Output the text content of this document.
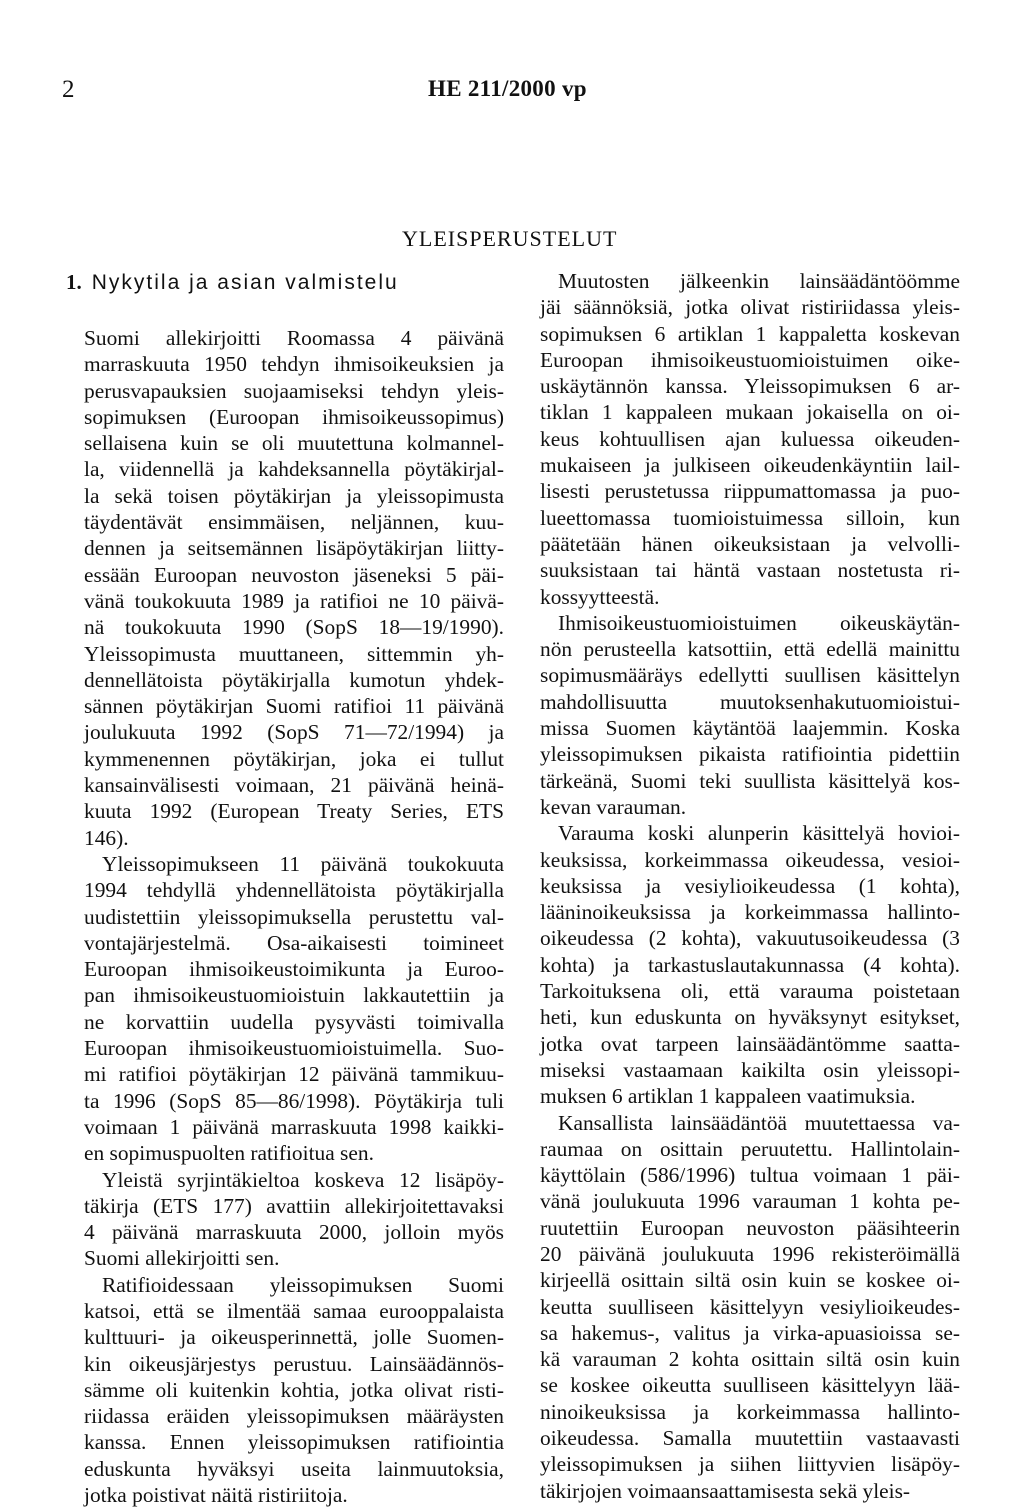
2	HE 211/2000 vp
YLEISPERUSTELUT
1. Nykytila ja asian valmistelu
Suomi allekirjoitti Roomassa 4 päivänä
marraskuuta 1950 tehdyn ihmisoikeuksien ja
perusvapauksien suojaamiseksi tehdyn yleis-
sopimuksen (Euroopan ihmisoikeussopimus)
sellaisena kuin se oli muutettuna kolmannel-
la, viidennellä ja kahdeksannella pöytäkirjal-
la sekä toisen pöytäkirjan ja yleissopimusta
täydentävät ensimmäisen, neljännen, kuu-
dennen ja seitsemännen lisäpöytäkirjan liitty-
essään Euroopan neuvoston jäseneksi 5 päi-
vänä toukokuuta 1989 ja ratifioi ne 10 päivä-
nä toukokuuta 1990 (SopS 18—19/1990).
Yleissopimusta muuttaneen, sittemmin yh-
dennellätoista pöytäkirjalla kumotun yhdek-
sännen pöytäkirjan Suomi ratifioi 11 päivänä
joulukuuta 1992 (SopS 71—72/1994) ja
kymmenennen pöytäkirjan, joka ei tullut
kansainvälisesti voimaan, 21 päivänä heinä-
kuuta 1992 (European Treaty Series, ETS
146).
Yleissopimukseen 11 päivänä toukokuuta
1994 tehdyllä yhdennellätoista pöytäkirjalla
uudistettiin yleissopimuksella perustettu val-
vontajärjestelmä. Osa-aikaisesti toimineet
Euroopan ihmisoikeustoimikunta ja Euroo-
pan ihmisoikeustuomioistuin lakkautettiin ja
ne korvattiin uudella pysyvästi toimivalla
Euroopan ihmisoikeustuomioistuimella. Suo-
mi ratifioi pöytäkirjan 12 päivänä tammikuu-
ta 1996 (SopS 85—86/1998). Pöytäkirja tuli
voimaan 1 päivänä marraskuuta 1998 kaikki-
en sopimuspuolten ratifioitua sen.
Yleistä syrjintäkieltoa koskeva 12 lisäpöy-
täkirja (ETS 177) avattiin allekirjoitettavaksi
4 päivänä marraskuuta 2000, jolloin myös
Suomi allekirjoitti sen.
Ratifioidessaan yleissopimuksen Suomi
katsoi, että se ilmentää samaa eurooppalaista
kulttuuri- ja oikeusperinnettä, jolle Suomen-
kin oikeusjärjestys perustuu. Lainsäädännös-
sämme oli kuitenkin kohtia, jotka olivat risti-
riidassa eräiden yleissopimuksen määräysten
kanssa. Ennen yleissopimuksen ratifiointia
eduskunta hyväksyi useita lainmuutoksia,
jotka poistivat näitä ristiriitoja.
Muutosten jälkeenkin lainsäädäntöömme
jäi säännöksiä, jotka olivat ristiriidassa yleis-
sopimuksen 6 artiklan 1 kappaletta koskevan
Euroopan ihmisoikeustuomioistuimen oike-
uskäytännön kanssa. Yleissopimuksen 6 ar-
tiklan 1 kappaleen mukaan jokaisella on oi-
keus kohtuullisen ajan kuluessa oikeuden-
mukaiseen ja julkiseen oikeudenkäyntiin lail-
lisesti perustetussa riippumattomassa ja puo-
lueettomassa tuomioistuimessa silloin, kun
päätetään hänen oikeuksistaan ja velvolli-
suuksistaan tai häntä vastaan nostetusta ri-
kossyytteestä.
Ihmisoikeustuomioistuimen oikeuskäytän-
nön perusteella katsottiin, että edellä mainittu
sopimusmääräys edellytti suullisen käsittelyn
mahdollisuutta muutoksenhakutuomioistui-
missa Suomen käytäntöä laajemmin. Koska
yleissopimuksen pikaista ratifiointia pidettiin
tärkeänä, Suomi teki suullista käsittelyä kos-
kevan varauman.
Varauma koski alunperin käsittelyä hovioi-
keuksissa, korkeimmassa oikeudessa, vesioi-
keuksissa ja vesiylioikeudessa (1 kohta),
lääninoikeuksissa ja korkeimmassa hallinto-
oikeudessa (2 kohta), vakuutusoikeudessa (3
kohta) ja tarkastuslautakunnassa (4 kohta).
Tarkoituksena oli, että varauma poistetaan
heti, kun eduskunta on hyväksynyt esitykset,
jotka ovat tarpeen lainsäädäntömme saatta-
miseksi vastaamaan kaikilta osin yleissopi-
muksen 6 artiklan 1 kappaleen vaatimuksia.
Kansallista lainsäädäntöä muutettaessa va-
raumaa on osittain peruutettu. Hallintolain-
käyttölain (586/1996) tultua voimaan 1 päi-
vänä joulukuuta 1996 varauman 1 kohta pe-
ruutettiin Euroopan neuvoston pääsihteerin
20 päivänä joulukuuta 1996 rekisteröimällä
kirjeellä osittain siltä osin kuin se koskee oi-
keutta suulliseen käsittelyyn vesiylioikeudes-
sa hakemus-, valitus ja virka-apuasioissa se-
kä varauman 2 kohta osittain siltä osin kuin
se koskee oikeutta suulliseen käsittelyyn lää-
ninoikeuksissa ja korkeimmassa hallinto-
oikeudessa. Samalla muutettiin vastaavasti
yleissopimuksen ja siihen liittyvien lisäpöy-
täkirjojen voimaansaattamisesta sekä yleis-
